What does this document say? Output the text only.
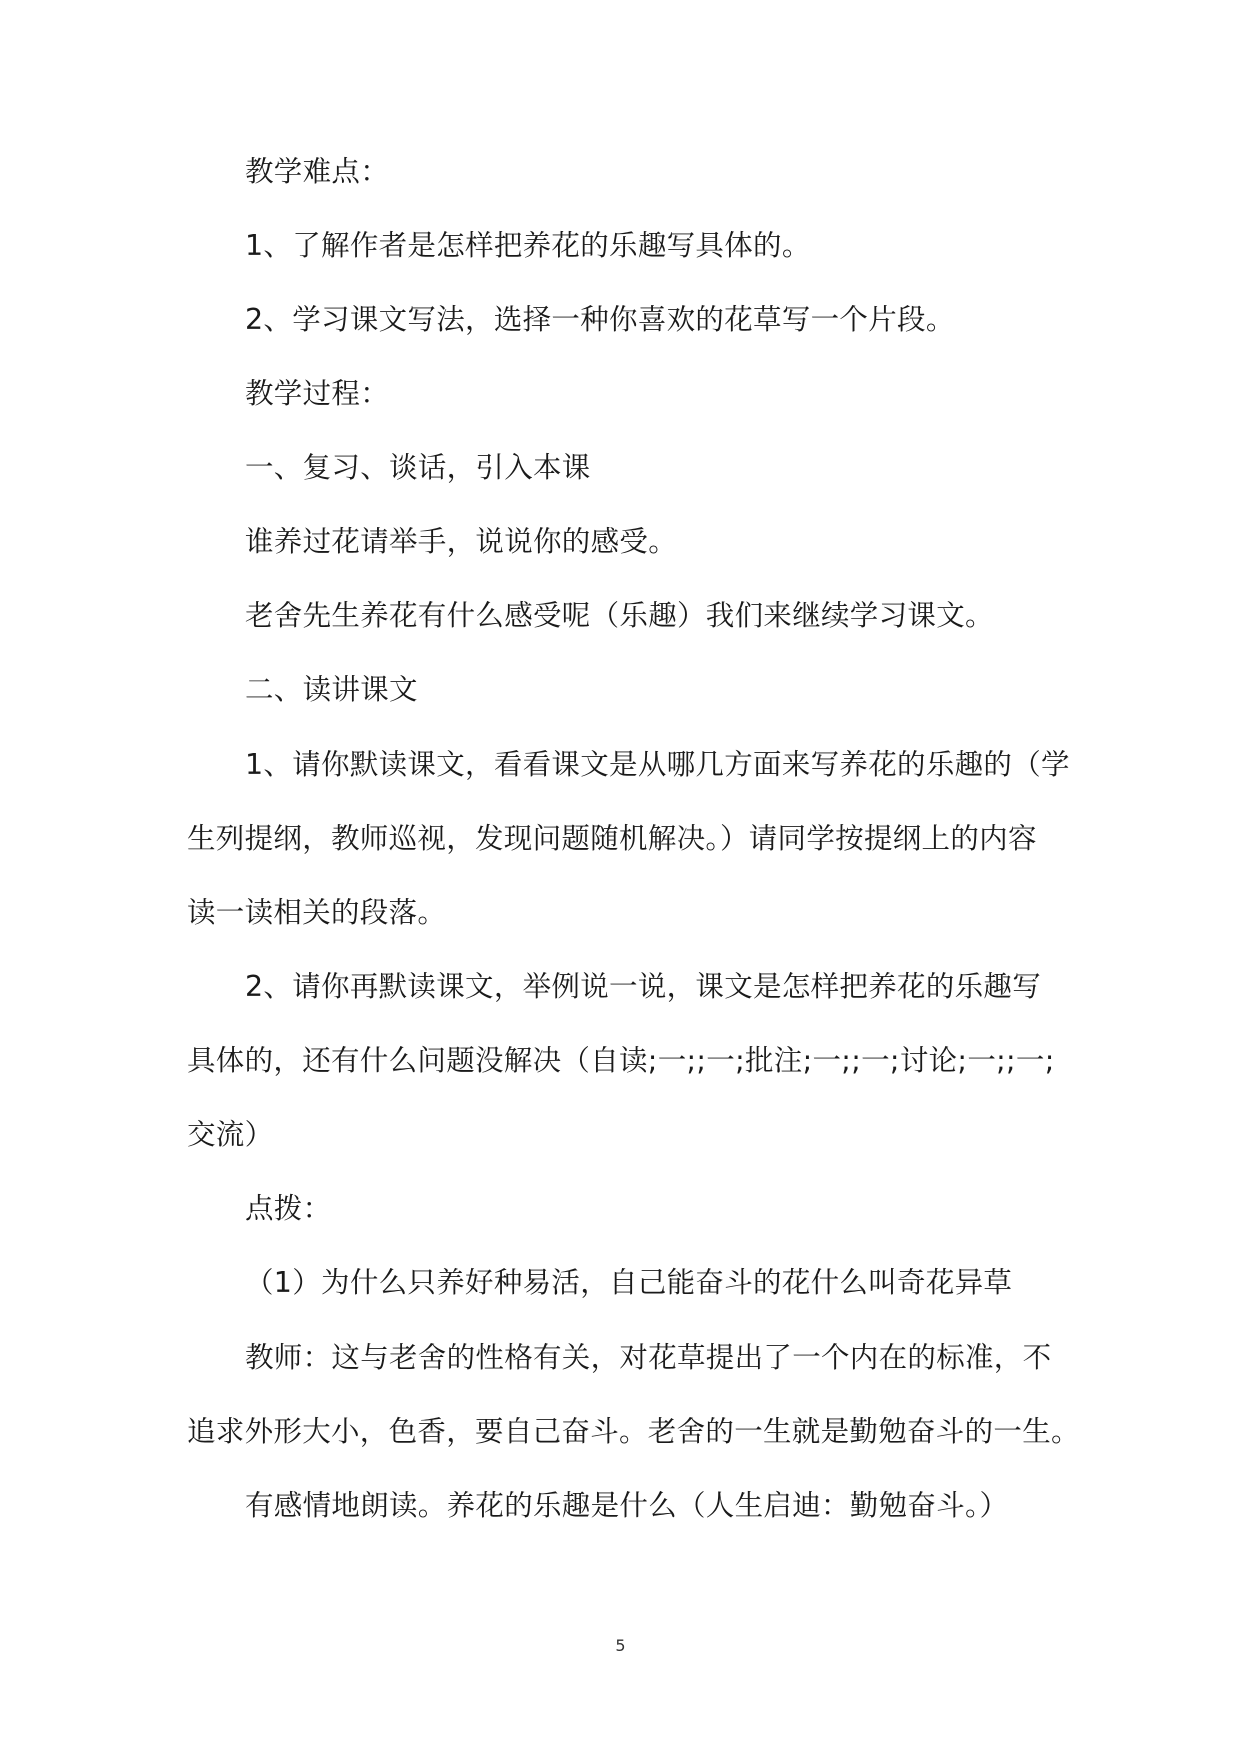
教学难点：
1、了解作者是怎样把养花的乐趣写具体的。
2、学习课文写法，选择一种你喜欢的花草写一个片段。
教学过程：
一、复习、谈话，引入本课
谁养过花请举手，说说你的感受。
老舍先生养花有什么感受呢（乐趣）我们来继续学习课文。
二、读讲课文
1、请你默读课文，看看课文是从哪几方面来写养花的乐趣的（学
生列提纲，教师巡视，发现问题随机解决。）请同学按提纲上的内容
读一读相关的段落。
2、请你再默读课文，举例说一说，课文是怎样把养花的乐趣写
具体的，还有什么问题没解决（自读;一;;一;批注;一;;一;讨论;一;;一;
交流）
点拨：
（1）为什么只养好种易活，自己能奋斗的花什么叫奇花异草
教师：这与老舍的性格有关，对花草提出了一个内在的标准，不
追求外形大小，色香，要自己奋斗。老舍的一生就是勤勉奋斗的一生。
有感情地朗读。养花的乐趣是什么（人生启迪：勤勉奋斗。）
5
